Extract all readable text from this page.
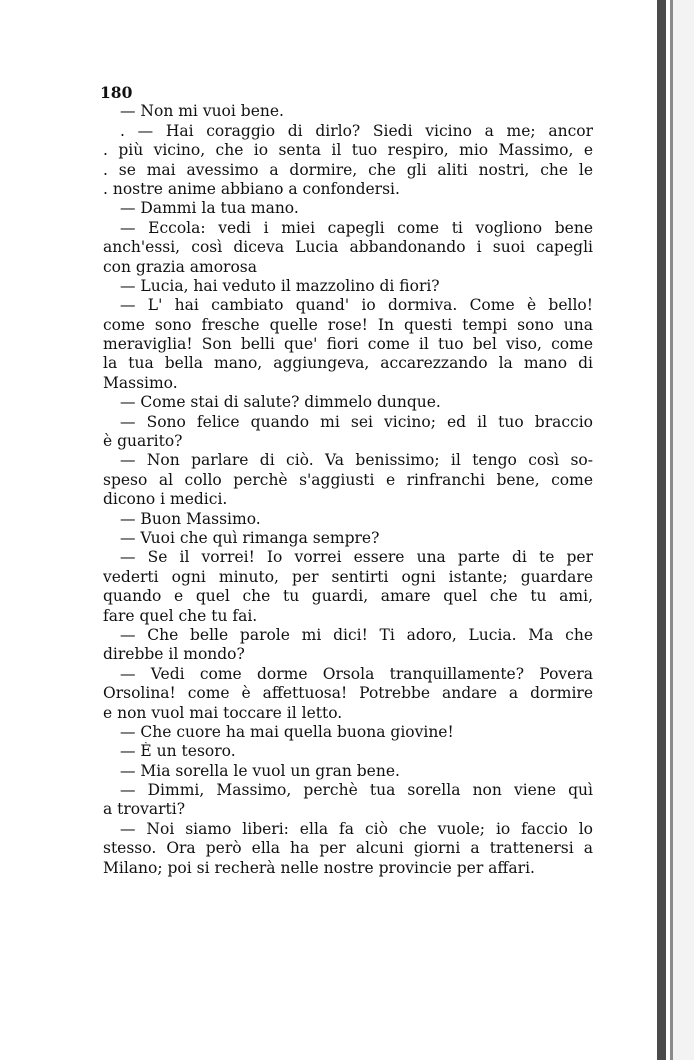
180
— Non mi vuoi bene.
. — Hai coraggio di dirlo? Siedi vicino a me; ancor
. più vicino, che io senta il tuo respiro, mio Massimo, e
. se mai avessimo a dormire, che gli aliti nostri, che le
. nostre anime abbiano a confondersi.
— Dammi la tua mano.
— Eccola: vedi i miei capegli come ti vogliono bene
anch'essi, così diceva Lucia abbandonando i suoi capegli
con grazia amorosa
— Lucia, hai veduto il mazzolino di fiori?
— L' hai cambiato quand' io dormiva. Come è bello!
come sono fresche quelle rose! In questi tempi sono una
meraviglia! Son belli que' fiori come il tuo bel viso, come
la tua bella mano, aggiungeva, accarezzando la mano di
Massimo.
— Come stai di salute? dimmelo dunque.
— Sono felice quando mi sei vicino; ed il tuo braccio
è guarito?
— Non parlare di ciò. Va benissimo; il tengo così so-
speso al collo perchè s'aggiusti e rinfranchi bene, come
dicono i medici.
— Buon Massimo.
— Vuoi che quì rimanga sempre?
— Se il vorrei! Io vorrei essere una parte di te per
vederti ogni minuto, per sentirti ogni istante; guardare
quando e quel che tu guardi, amare quel che tu ami,
fare quel che tu fai.
— Che belle parole mi dici! Ti adoro, Lucia. Ma che
direbbe il mondo?
— Vedi come dorme Orsola tranquillamente? Povera
Orsolina! come è affettuosa! Potrebbe andare a dormire
e non vuol mai toccare il letto.
— Che cuore ha mai quella buona giovine!
— È un tesoro.
— Mia sorella le vuol un gran bene.
— Dimmi, Massimo, perchè tua sorella non viene quì
a trovarti?
— Noi siamo liberi: ella fa ciò che vuole; io faccio lo
stesso. Ora però ella ha per alcuni giorni a trattenersi a
Milano; poi si recherà nelle nostre provincie per affari.
